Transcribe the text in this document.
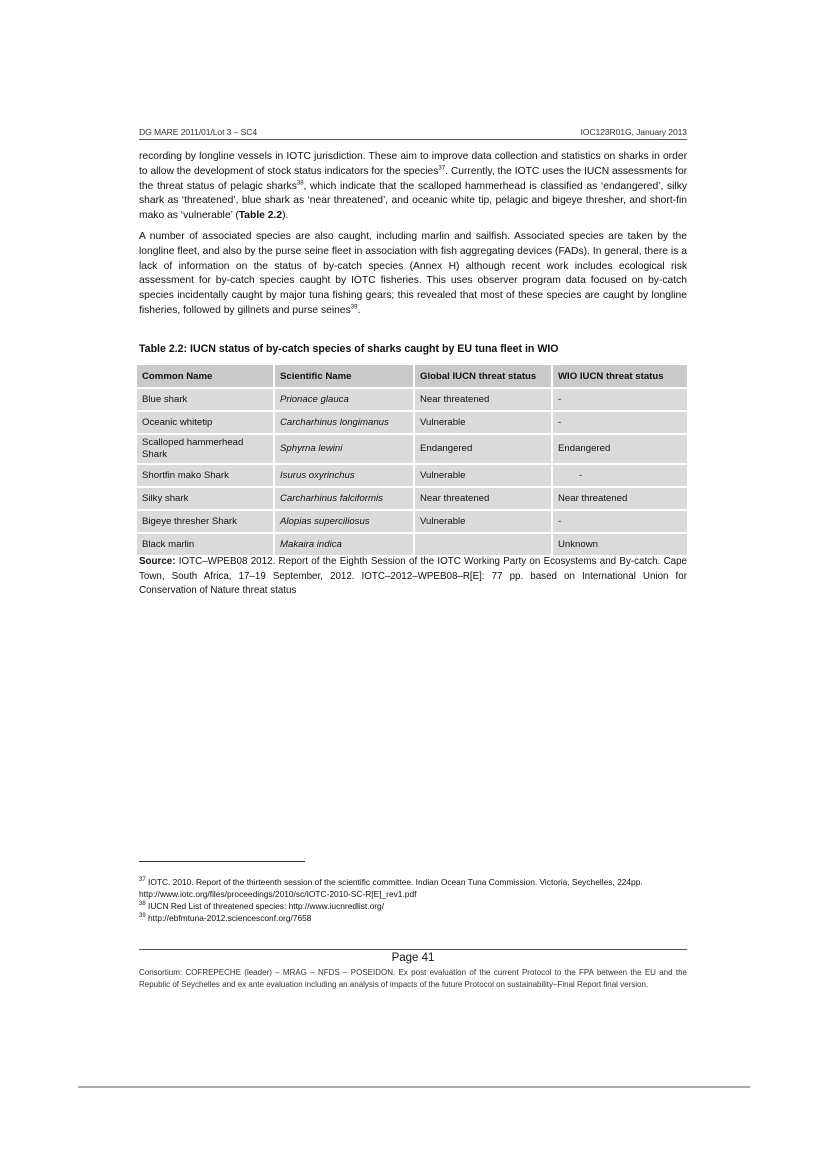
DG MARE 2011/01/Lot 3 – SC4	IOC123R01G, January 2013

recording by longline vessels in IOTC jurisdiction. These aim to improve data collection and statistics on sharks in order to allow the development of stock status indicators for the species$^{37}$. Currently, the IOTC uses the IUCN assessments for the threat status of pelagic sharks$^{38}$, which indicate that the scalloped hammerhead is classified as ‘endangered’, silky shark as ‘threatened’, blue shark as ‘near threatened’, and oceanic white tip, pelagic and bigeye thresher, and short-fin mako as ‘vulnerable’ (Table 2.2).

A number of associated species are also caught, including marlin and sailfish. Associated species are taken by the longline fleet, and also by the purse seine fleet in association with fish aggregating devices (FADs). In general, there is a lack of information on the status of by-catch species (Annex H) although recent work includes ecological risk assessment for by-catch species caught by IOTC fisheries. This uses observer program data focused on by-catch species incidentally caught by major tuna fishing gears; this revealed that most of these species are caught by longline fisheries, followed by gillnets and purse seines$^{39}$.

Table 2.2: IUCN status of by-catch species of sharks caught by EU tuna fleet in WIO
Common Name	Scientific Name	Global IUCN threat status	WIO IUCN threat status
Blue shark	Prionace glauca	Near threatened	-
Oceanic whitetip	Carcharhinus longimanus	Vulnerable	-
Scalloped hammerhead Shark	Sphyrna lewini	Endangered	Endangered
Shortfin mako Shark	Isurus oxyrinchus	Vulnerable	-
Silky shark	Carcharhinus falciformis	Near threatened	Near threatened
Bigeye thresher Shark	Alopias superciliosus	Vulnerable	-
Black marlin	Makaira indica		Unknown
Source: IOTC–WPEB08 2012. Report of the Eighth Session of the IOTC Working Party on Ecosystems and By-catch. Cape Town, South Africa, 17–19 September, 2012. IOTC–2012–WPEB08–R[E]: 77 pp. based on International Union for Conservation of Nature threat status
$^{37}$ IOTC. 2010. Report of the thirteenth session of the scientific committee. Indian Ocean Tuna Commission. Victoria, Seychelles, 224pp. http://www.iotc.org/files/proceedings/2010/sc/IOTC-2010-SC-R[E]_rev1.pdf
$^{38}$ IUCN Red List of threatened species: http://www.iucnredlist.org/
$^{39}$ http://ebfmtuna-2012.sciencesconf.org/7658
Page 41
Consortium: COFREPECHE (leader) – MRAG – NFDS – POSEIDON. Ex post evaluation of the current Protocol to the FPA between the EU and the Republic of Seychelles and ex ante evaluation including an analysis of impacts of the future Protocol on sustainability–Final Report final version.
